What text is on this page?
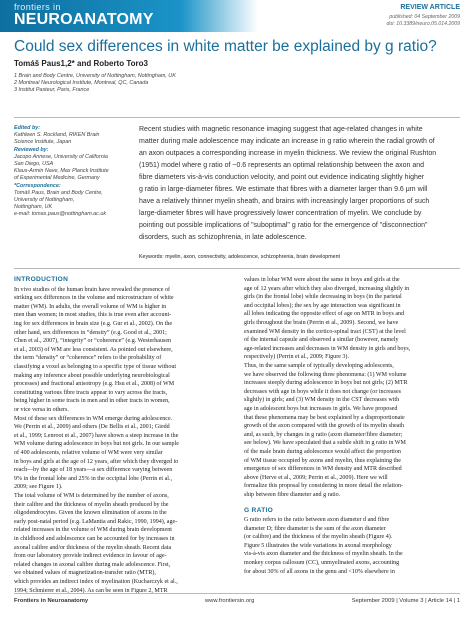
frontiers in
NEUROANATOMY
REVIEW ARTICLE
published: 04 September 2009
doi: 10.3389/neuro.05.014.2009
Could sex differences in white matter be explained by g ratio?
Tomáš Paus1,2* and Roberto Toro3
1 Brain and Body Centre, University of Nottingham, Nottingham, UK
2 Montreal Neurological Institute, Montreal, QC, Canada
3 Institut Pasteur, Paris, France
Edited by:
Kathleen S. Rockland, RIKEN Brain
Science Institute, Japan
Reviewed by:
Jacopo Annese, University of California
San Diego, USA
Klaus-Armin Nave, Max Planck Institute
of Experimental Medicine, Germany
*Correspondence:
Tomáš Paus, Brain and Body Centre,
University of Nottingham,
Nottingham, UK
e-mail: tomas.paus@nottingham.ac.uk
Recent studies with magnetic resonance imaging suggest that age-related changes in white
matter during male adolescence may indicate an increase in g ratio wherein the radial growth of
an axon outpaces a corresponding increase in myelin thickness. We review the original Rushton
(1951) model where g ratio of ~0.6 represents an optimal relationship between the axon and
fibre diameters vis-à-vis conduction velocity, and point out evidence indicating slightly higher
g ratio in large-diameter fibres. We estimate that fibres with a diameter larger than 9.6 μm will
have a relatively thinner myelin sheath, and brains with increasingly larger proportions of such
large-diameter fibres will have progressively lower concentration of myelin. We conclude by
pointing out possible implications of "suboptimal" g ratio for the emergence of "disconnection"
disorders, such as schizophrenia, in late adolescence.
Keywords: myelin, axon, connectivity, adolescence, schizophrenia, brain development
INTRODUCTION
In vivo studies of the human brain have revealed the presence of
striking sex differences in the volume and microstructure of white
matter (WM). In adults, the overall volume of WM is higher in
men than women; in most studies, this is true even after account-
ing for sex differences in brain size (e.g. Gur et al., 2002). On the
other hand, sex differences in “density” (e.g. Good et al., 2001;
Chen et al., 2007), “integrity” or “coherence” (e.g. Westerhausen
et al., 2003) of WM are less consistent. As pointed out elsewhere,
the term “density” or “coherence” refers to the probability of
classifying a voxel as belonging to a specific type of tissue without
making any inference about possible underlying neurobiological
processes) and fractional anisotropy (e.g. Hsu et al., 2008) of WM
constituting various fibre tracts appear to vary across the tracts,
being higher in some tracts in men and in other tracts in women,
or vice versa in others.
Most of these sex differences in WM emerge during adolescence.
We (Perrin et al., 2009) and others (De Bellis et al., 2001; Giedd
et al., 1999; Lenroot et al., 2007) have shown a steep increase in the
WM volume during adolescence in boys but not girls. In our sample
of 400 adolescents, relative volume of WM were very similar
in boys and girls at the age of 12 years, after which they diverged to
reach—by the age of 18 years—a sex difference varying between
9% in the frontal lobe and 25% in the occipital lobe (Perrin et al.,
2009; see Figure 1).
The total volume of WM is determined by the number of axons,
their calibre and the thickness of myelin sheath produced by the
oligodendrocytes. Given the known elimination of axons in the
early post-natal period (e.g. LaMantia and Rakic, 1990, 1994), age-
related increases in the volume of WM during brain development
in childhood and adolescence can be accounted for by increases in
axonal calibre and/or thickness of the myelin sheath. Recent data
from our laboratory provide indirect evidence in favour of age-
related changes in axonal calibre during male adolescence. First,
we obtained values of magnetization-transfer ratio (MTR),
which provides an indirect index of myelination (Kucharczyk et al.,
1994; Schmierer et al., 2004). As can be seen in Figure 2, MTR
values in lobar WM were about the same in boys and girls at the
age of 12 years after which they also diverged, increasing slightly in
girls (in the frontal lobe) while decreasing in boys (in the parietal
and occipital lobes); the sex by age interaction was significant in
all lobes indicating the opposite effect of age on MTR in boys and
girls throughout the brain (Perrin et al., 2009). Second, we have
examined WM density in the cortico-spinal tract (CST) at the level
of the internal capsule and observed a similar (however, namely
age-related increases and decreases in WM density in girls and boys,
respectively) (Perrin et al., 2009; Figure 3).
Thus, in the same sample of typically developing adolescents,
we have observed the following three phenomena: (1) WM volume
increases steeply during adolescence in boys but not girls; (2) MTR
decreases with age in boys while it does not change (or increases
slightly) in girls; and (3) WM density in the CST decreases with
age in adolescent boys but increases in girls. We have proposed
that these phenomena may be best explained by a disproportionate
growth of the axon compared with the growth of its myelin sheath
and, as such, by changes in g ratio (axon diameter/fibre diameter;
see below). We have speculated that a subtle shift in g ratio in WM
of the male brain during adolescence would affect the proportion
of WM tissue occupied by axons and myelin, thus explaining the
emergence of sex differences in WM density and MTR described
above (Herve et al., 2009; Perrin et al., 2009). Here we will
formalize this proposal by considering in more detail the relation-
ship between fibre diameter and g ratio.
G RATIO
G ratio refers to the ratio between axon diameter d and fibre
diameter D; fibre diameter is the sum of the axon diameter
(or calibre) and the thickness of the myelin sheath (Figure 4).
Figure 5 illustrates the wide variations in axonal morphology
vis-à-vis axon diameter and the thickness of myelin sheath. In the
monkey corpus callosum (CC), unmyelinated axons, accounting
for about 30% of all axons in the genu and <10% elsewhere in
Frontiers in Neuroanatomy	www.frontiersin.org	September 2009 | Volume 3 | Article 14 | 1
